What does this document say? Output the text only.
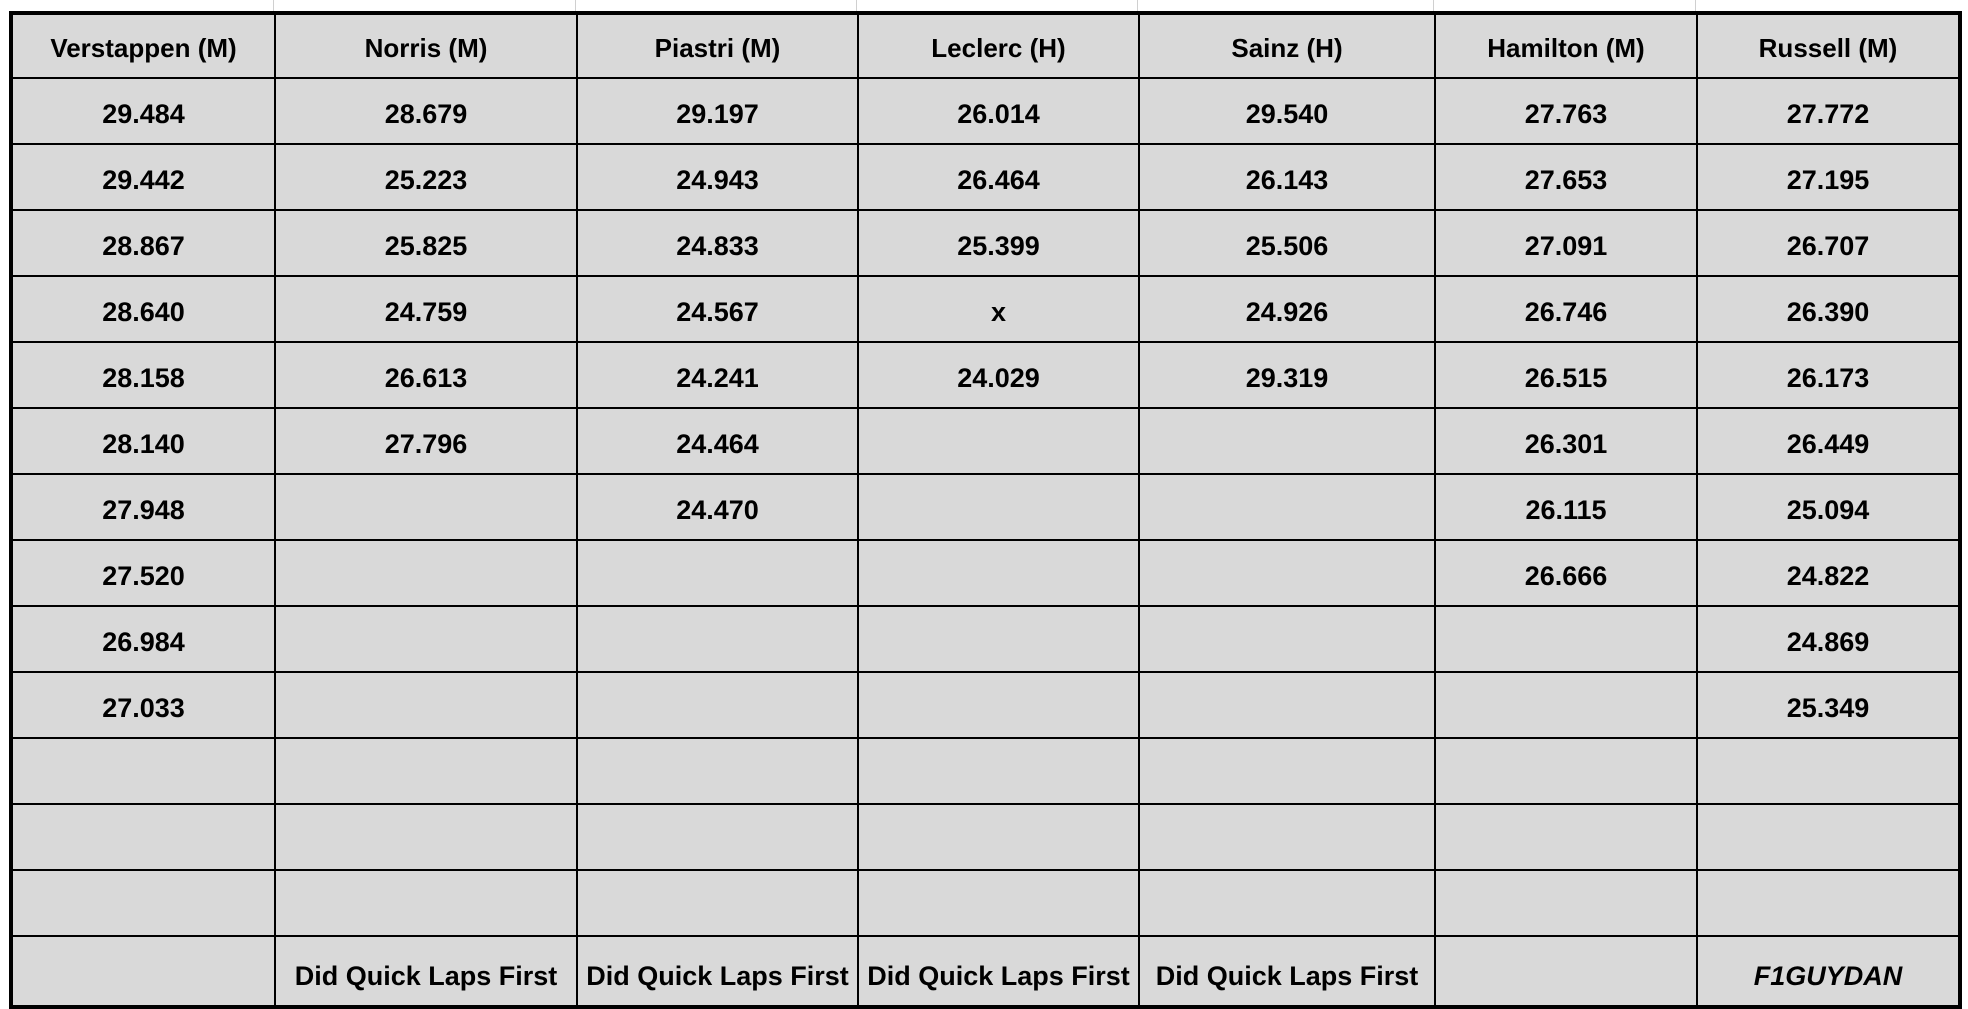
Verstappen (M)	Norris (M)	Piastri (M)	Leclerc (H)	Sainz (H)	Hamilton (M)	Russell (M)
29.484	28.679	29.197	26.014	29.540	27.763	27.772
29.442	25.223	24.943	26.464	26.143	27.653	27.195
28.867	25.825	24.833	25.399	25.506	27.091	26.707
28.640	24.759	24.567	x	24.926	26.746	26.390
28.158	26.613	24.241	24.029	29.319	26.515	26.173
28.140	27.796	24.464			26.301	26.449
27.948		24.470			26.115	25.094
27.520					26.666	24.822
26.984						24.869
27.033						25.349

	Did Quick Laps First	Did Quick Laps First	Did Quick Laps First	Did Quick Laps First		F1GUYDAN
